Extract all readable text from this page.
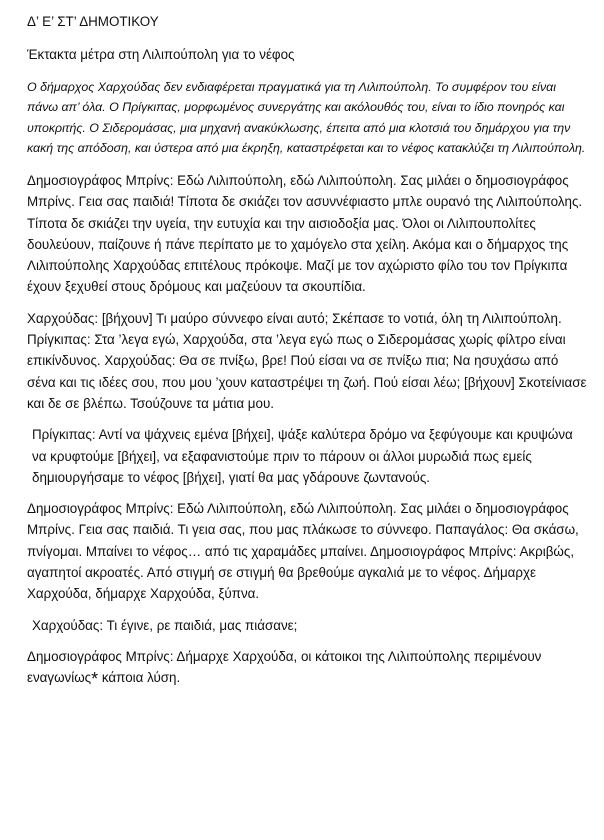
Δ’ Ε’ ΣΤ’ ΔΗΜΟΤΙΚΟΥ

Έκτακτα μέτρα στη Λιλιπούπολη για το νέφος

Ο δήμαρχος Χαρχούδας δεν ενδιαφέρεται πραγματικά για τη Λιλιπούπολη. Το συμφέρον του είναι πάνω απ’ όλα. Ο Πρίγκιπας, μορφωμένος συνεργάτης και ακόλουθός του, είναι το ίδιο πονηρός και υποκριτής. Ο Σιδερομάσας, μια μηχανή ανακύκλωσης, έπειτα από μια κλοτσιά του δημάρχου για την κακή της απόδοση, και ύστερα από μια έκρηξη, καταστρέφεται και το νέφος κατακλύζει τη Λιλιπούπολη.

Δημοσιογράφος Μπρίνς: Εδώ Λιλιπούπολη, εδώ Λιλιπούπολη. Σας μιλάει ο δημοσιογράφος Μπρίνς. Γεια σας παιδιά! Τίποτα δε σκιάζει τον ασυννέφιαστο μπλε ουρανό της Λιλιπούπολης. Τίποτα δε σκιάζει την υγεία, την ευτυχία και την αισιοδοξία μας. Όλοι οι Λιλιπουπολίτες δουλεύουν, παίζουνε ή πάνε περίπατο με το χαμόγελο στα χείλη. Ακόμα και ο δήμαρχος της Λιλιπούπολης Χαρχούδας επιτέλους πρόκοψε. Μαζί με τον αχώριστο φίλο του τον Πρίγκιπα έχουν ξεχυθεί στους δρόμους και μαζεύουν τα σκουπίδια.

Χαρχούδας: [βήχουν] Τι μαύρο σύννεφο είναι αυτό; Σκέπασε το νοτιά, όλη τη Λιλιπούπολη. Πρίγκιπας: Στα ’λεγα εγώ, Χαρχούδα, στα ’λεγα εγώ πως ο Σιδερομάσας χωρίς φίλτρο είναι επικίνδυνος. Χαρχούδας: Θα σε πνίξω, βρε! Πού είσαι να σε πνίξω πια; Να ησυχάσω από σένα και τις ιδέες σου, που μου ’χουν καταστρέψει τη ζωή. Πού είσαι λέω; [βήχουν] Σκοτείνιασε και δε σε βλέπω. Τσούζουνε τα μάτια μου.

Πρίγκιπας: Αντί να ψάχνεις εμένα [βήχει], ψάξε καλύτερα δρόμο να ξεφύγουμε και κρυψώνα να κρυφτούμε [βήχει], να εξαφανιστούμε πριν το πάρουν οι άλλοι μυρωδιά πως εμείς δημιουργήσαμε το νέφος [βήχει], γιατί θα μας γδάρουνε ζωντανούς.

Δημοσιογράφος Μπρίνς: Εδώ Λιλιπούπολη, εδώ Λιλιπούπολη. Σας μιλάει ο δημοσιογράφος Μπρίνς. Γεια σας παιδιά. Τι γεια σας, που μας πλάκωσε το σύννεφο. Παπαγάλος: Θα σκάσω, πνίγομαι. Μπαίνει το νέφος… από τις χαραμάδες μπαίνει. Δημοσιογράφος Μπρίνς: Ακριβώς, αγαπητοί ακροατές. Από στιγμή σε στιγμή θα βρεθούμε αγκαλιά με το νέφος. Δήμαρχε Χαρχούδα, δήμαρχε Χαρχούδα, ξύπνα.

Χαρχούδας: Τι έγινε, ρε παιδιά, μας πιάσανε;

Δημοσιογράφος Μπρίνς: Δήμαρχε Χαρχούδα, οι κάτοικοι της Λιλιπούπολης περιμένουν εναγωνίως* κάποια λύση.
